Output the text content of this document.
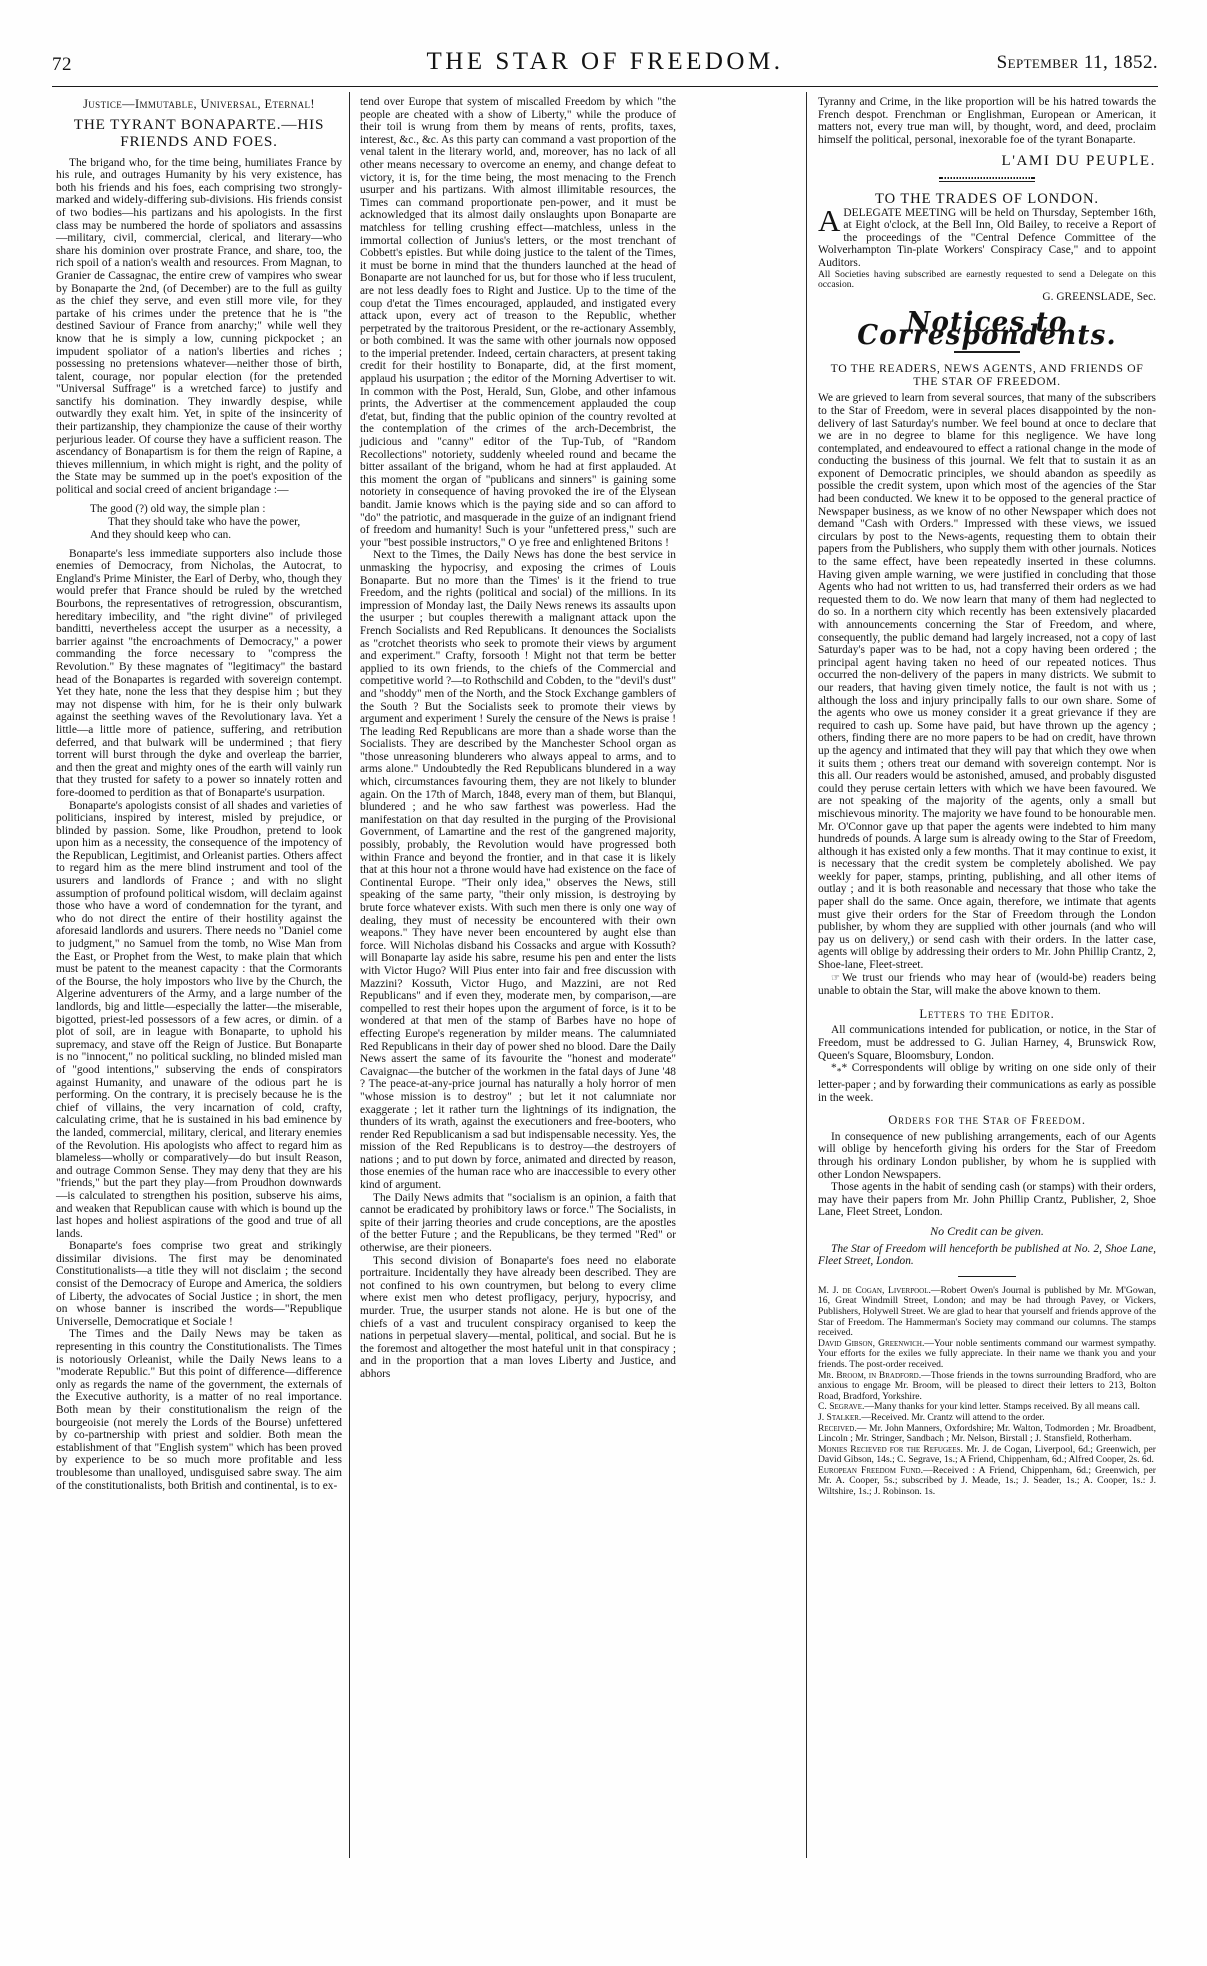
72	THE STAR OF FREEDOM.	September 11, 1852.
Justice—Immutable, Universal, Eternal!
THE TYRANT BONAPARTE.—HIS FRIENDS AND FOES.

The brigand who, for the time being, humiliates France by his rule, and outrages Humanity by his very existence, has both his friends and his foes, each comprising two strongly-marked and widely-differing sub-divisions. His friends consist of two bodies—his partizans and his apologists. In the first class may be numbered the horde of spoliators and assassins—military, civil, commercial, clerical, and literary—who share his dominion over prostrate France, and share, too, the rich spoil of a nation's wealth and resources. From Magnan, to Granier de Cassagnac, the entire crew of vampires who swear by Bonaparte the 2nd, (of December) are to the full as guilty as the chief they serve, and even still more vile, for they partake of his crimes under the pretence that he is "the destined Saviour of France from anarchy;" while well they know that he is simply a low, cunning pickpocket ; an impudent spoliator of a nation's liberties and riches ; possessing no pretensions whatever—neither those of birth, talent, courage, nor popular election (for the pretended "Universal Suffrage" is a wretched farce) to justify and sanctify his domination. They inwardly despise, while outwardly they exalt him. Yet, in spite of the insincerity of their partizanship, they championize the cause of their worthy perjurious leader. Of course they have a sufficient reason. The ascendancy of Bonapartism is for them the reign of Rapine, a thieves millennium, in which might is right, and the polity of the State may be summed up in the poet's exposition of the political and social creed of ancient brigandage :—

The good (?) old way, the simple plan :
That they should take who have the power,
And they should keep who can.

Bonaparte's less immediate supporters also include those enemies of Democracy, from Nicholas, the Autocrat, to England's Prime Minister, the Earl of Derby, who, though they would prefer that France should be ruled by the wretched Bourbons, the representatives of retrogression, obscurantism, hereditary imbecility, and "the right divine" of privileged banditti, nevertheless accept the usurper as a necessity, a barrier against "the encroachments of Democracy," a power commanding the force necessary to "compress the Revolution." By these magnates of "legitimacy" the bastard head of the Bonapartes is regarded with sovereign contempt. Yet they hate, none the less that they despise him ; but they may not dispense with him, for he is their only bulwark against the seething waves of the Revolutionary lava. Yet a little—a little more of patience, suffering, and retribution deferred, and that bulwark will be undermined ; that fiery torrent will burst through the dyke and overleap the barrier, and then the great and mighty ones of the earth will vainly run that they trusted for safety to a power so innately rotten and fore-doomed to perdition as that of Bonaparte's usurpation.

Bonaparte's apologists consist of all shades and varieties of politicians, inspired by interest, misled by prejudice, or blinded by passion. Some, like Proudhon, pretend to look upon him as a necessity, the consequence of the impotency of the Republican, Legitimist, and Orleanist parties. Others affect to regard him as the mere blind instrument and tool of the usurers and landlords of France ; and with no slight assumption of profound political wisdom, will declaim against those who have a word of condemnation for the tyrant, and who do not direct the entire of their hostility against the aforesaid landlords and usurers. There needs no "Daniel come to judgment," no Samuel from the tomb, no Wise Man from the East, or Prophet from the West, to make plain that which must be patent to the meanest capacity : that the Cormorants of the Bourse, the holy impostors who live by the Church, the Algerine adventurers of the Army, and a large number of the landlords, big and little—especially the latter—the miserable, bigotted, priest-led possessors of a few acres, or dimin. of a plot of soil, are in league with Bonaparte, to uphold his supremacy, and stave off the Reign of Justice. But Bonaparte is no "innocent," no political suckling, no blinded misled man of "good intentions," subserving the ends of conspirators against Humanity, and unaware of the odious part he is performing. On the contrary, it is precisely because he is the chief of villains, the very incarnation of cold, crafty, calculating crime, that he is sustained in his bad eminence by the landed, commercial, military, clerical, and literary enemies of the Revolution. His apologists who affect to regard him as blameless—wholly or comparatively—do but insult Reason, and outrage Common Sense. They may deny that they are his "friends," but the part they play—from Proudhon downwards—is calculated to strengthen his position, subserve his aims, and weaken that Republican cause with which is bound up the last hopes and holiest aspirations of the good and true of all lands.

Bonaparte's foes comprise two great and strikingly dissimilar divisions. The first may be denominated Constitutionalists—a title they will not disclaim ; the second consist of the Democracy of Europe and America, the soldiers of Liberty, the advocates of Social Justice ; in short, the men on whose banner is inscribed the words—"Republique Universelle, Democratique et Sociale !

The Times and the Daily News may be taken as representing in this country the Constitutionalists. The Times is notoriously Orleanist, while the Daily News leans to a "moderate Republic." But this point of difference—difference only as regards the name of the government, the externals of the Executive authority, is a matter of no real importance. Both mean by their constitutionalism the reign of the bourgeoisie (not merely the Lords of the Bourse) unfettered by co-partnership with priest and soldier. Both mean the establishment of that "English system" which has been proved by experience to be so much more profitable and less troublesome than unalloyed, undisguised sabre sway. The aim of the constitutionalists, both British and continental, is to ex-

tend over Europe that system of miscalled Freedom by which "the people are cheated with a show of Liberty," while the produce of their toil is wrung from them by means of rents, profits, taxes, interest, &c., &c. As this party can command a vast proportion of the venal talent in the literary world, and, moreover, has no lack of all other means necessary to overcome an enemy, and change defeat to victory, it is, for the time being, the most menacing to the French usurper and his partizans. With almost illimitable resources, the Times can command proportionate pen-power, and it must be acknowledged that its almost daily onslaughts upon Bonaparte are matchless for telling crushing effect—matchless, unless in the immortal collection of Junius's letters, or the most trenchant of Cobbett's epistles. But while doing justice to the talent of the Times, it must be borne in mind that the thunders launched at the head of Bonaparte are not launched for us, but for those who if less truculent, are not less deadly foes to Right and Justice. Up to the time of the coup d'etat the Times encouraged, applauded, and instigated every attack upon, every act of treason to the Republic, whether perpetrated by the traitorous President, or the re-actionary Assembly, or both combined. It was the same with other journals now opposed to the imperial pretender. Indeed, certain characters, at present taking credit for their hostility to Bonaparte, did, at the first moment, applaud his usurpation ; the editor of the Morning Advertiser to wit. In common with the Post, Herald, Sun, Globe, and other infamous prints, the Advertiser at the commencement applauded the coup d'etat, but, finding that the public opinion of the country revolted at the contemplation of the crimes of the arch-Decembrist, the judicious and "canny" editor of the Tup-Tub, of "Random Recollections" notoriety, suddenly wheeled round and became the bitter assailant of the brigand, whom he had at first applauded. At this moment the organ of "publicans and sinners" is gaining some notoriety in consequence of having provoked the ire of the Elysean bandit. Jamie knows which is the paying side and so can afford to "do" the patriotic, and masquerade in the guize of an indignant friend of freedom and humanity! Such is your "unfettered press," such are your "best possible instructors," O ye free and enlightened Britons !

Next to the Times, the Daily News has done the best service in unmasking the hypocrisy, and exposing the crimes of Louis Bonaparte. But no more than the Times' is it the friend to true Freedom, and the rights (political and social) of the millions. In its impression of Monday last, the Daily News renews its assaults upon the usurper ; but couples therewith a malignant attack upon the French Socialists and Red Republicans. It denounces the Socialists as "crotchet theorists who seek to promote their views by argument and experiment." Crafty, forsooth ! Might not that term be better applied to its own friends, to the chiefs of the Commercial and competitive world ?—to Rothschild and Cobden, to the "devil's dust" and "shoddy" men of the North, and the Stock Exchange gamblers of the South ? But the Socialists seek to promote their views by argument and experiment ! Surely the censure of the News is praise ! The leading Red Republicans are more than a shade worse than the Socialists. They are described by the Manchester School organ as "those unreasoning blunderers who always appeal to arms, and to arms alone." Undoubtedly the Red Republicans blundered in a way which, circumstances favouring them, they are not likely to blunder again. On the 17th of March, 1848, every man of them, but Blanqui, blundered ; and he who saw farthest was powerless. Had the manifestation on that day resulted in the purging of the Provisional Government, of Lamartine and the rest of the gangrened majority, possibly, probably, the Revolution would have progressed both within France and beyond the frontier, and in that case it is likely that at this hour not a throne would have had existence on the face of Continental Europe. "Their only idea," observes the News, still speaking of the same party, "their only mission, is destroying by brute force whatever exists. With such men there is only one way of dealing, they must of necessity be encountered with their own weapons." They have never been encountered by aught else than force. Will Nicholas disband his Cossacks and argue with Kossuth? will Bonaparte lay aside his sabre, resume his pen and enter the lists with Victor Hugo? Will Pius enter into fair and free discussion with Mazzini? Kossuth, Victor Hugo, and Mazzini, are not Red Republicans" and if even they, moderate men, by comparison,—are compelled to rest their hopes upon the argument of force, is it to be wondered at that men of the stamp of Barbes have no hope of effecting Europe's regeneration by milder means. The calumniated Red Republicans in their day of power shed no blood. Dare the Daily News assert the same of its favourite the "honest and moderate" Cavaignac—the butcher of the workmen in the fatal days of June '48 ? The peace-at-any-price journal has naturally a holy horror of men "whose mission is to destroy" ; but let it not calumniate nor exaggerate ; let it rather turn the lightnings of its indignation, the thunders of its wrath, against the executioners and free-booters, who render Red Republicanism a sad but indispensable necessity. Yes, the mission of the Red Republicans is to destroy—the destroyers of nations ; and to put down by force, animated and directed by reason, those enemies of the human race who are inaccessible to every other kind of argument.

The Daily News admits that "socialism is an opinion, a faith that cannot be eradicated by prohibitory laws or force." The Socialists, in spite of their jarring theories and crude conceptions, are the apostles of the better Future ; and the Republicans, be they termed "Red" or otherwise, are their pioneers.

This second division of Bonaparte's foes need no elaborate portraiture. Incidentally they have already been described. They are not confined to his own countrymen, but belong to every clime where exist men who detest profligacy, perjury, hypocrisy, and murder. True, the usurper stands not alone. He is but one of the chiefs of a vast and truculent conspiracy organised to keep the nations in perpetual slavery—mental, political, and social. But he is the foremost and altogether the most hateful unit in that conspiracy ; and in the proportion that a man loves Liberty and Justice, and abhors

Tyranny and Crime, in the like proportion will be his hatred towards the French despot. Frenchman or Englishman, European or American, it matters not, every true man will, by thought, word, and deed, proclaim himself the political, personal, inexorable foe of the tyrant Bonaparte.

L'AMI DU PEUPLE.
TO THE TRADES OF LONDON.

ADELEGATE MEETING will be held on Thursday, September 16th, at Eight o'clock, at the Bell Inn, Old Bailey, to receive a Report of the proceedings of the "Central Defence Committee of the Wolverhampton Tin-plate Workers' Conspiracy Case," and to appoint Auditors.

All Societies having subscribed are earnestly requested to send a Delegate on this occasion.

G. GREENSLADE, Sec.
Notices to Correspondents.
TO THE READERS, NEWS AGENTS, AND FRIENDS OF THE STAR OF FREEDOM.

We are grieved to learn from several sources, that many of the subscribers to the Star of Freedom, were in several places disappointed by the non-delivery of last Saturday's number. We feel bound at once to declare that we are in no degree to blame for this negligence. We have long contemplated, and endeavoured to effect a rational change in the mode of conducting the business of this journal. We felt that to sustain it as an exponent of Democratic principles, we should abandon as speedily as possible the credit system, upon which most of the agencies of the Star had been conducted. We knew it to be opposed to the general practice of Newspaper business, as we know of no other Newspaper which does not demand "Cash with Orders." Impressed with these views, we issued circulars by post to the News-agents, requesting them to obtain their papers from the Publishers, who supply them with other journals. Notices to the same effect, have been repeatedly inserted in these columns. Having given ample warning, we were justified in concluding that those Agents who had not written to us, had transferred their orders as we had requested them to do. We now learn that many of them had neglected to do so. In a northern city which recently has been extensively placarded with announcements concerning the Star of Freedom, and where, consequently, the public demand had largely increased, not a copy of last Saturday's paper was to be had, not a copy having been ordered ; the principal agent having taken no heed of our repeated notices. Thus occurred the non-delivery of the papers in many districts. We submit to our readers, that having given timely notice, the fault is not with us ; although the loss and injury principally falls to our own share. Some of the agents who owe us money consider it a great grievance if they are required to cash up. Some have paid, but have thrown up the agency ; others, finding there are no more papers to be had on credit, have thrown up the agency and intimated that they will pay that which they owe when it suits them ; others treat our demand with sovereign contempt. Nor is this all. Our readers would be astonished, amused, and probably disgusted could they peruse certain letters with which we have been favoured. We are not speaking of the majority of the agents, only a small but mischievous minority. The majority we have found to be honourable men. Mr. O'Connor gave up that paper the agents were indebted to him many hundreds of pounds. A large sum is already owing to the Star of Freedom, although it has existed only a few months. That it may continue to exist, it is necessary that the credit system be completely abolished. We pay weekly for paper, stamps, printing, publishing, and all other items of outlay ; and it is both reasonable and necessary that those who take the paper shall do the same. Once again, therefore, we intimate that agents must give their orders for the Star of Freedom through the London publisher, by whom they are supplied with other journals (and who will pay us on delivery,) or send cash with their orders. In the latter case, agents will oblige by addressing their orders to Mr. John Phillip Crantz, 2, Shoe-lane, Fleet-street.

☞ We trust our friends who may hear of (would-be) readers being unable to obtain the Star, will make the above known to them.

Letters to the Editor.

All communications intended for publication, or notice, in the Star of Freedom, must be addressed to G. Julian Harney, 4, Brunswick Row, Queen's Square, Bloomsbury, London.

$*_**$ Correspondents will oblige by writing on one side only of their letter-paper ; and by forwarding their communications as early as possible in the week.

Orders for the Star of Freedom.

In consequence of new publishing arrangements, each of our Agents will oblige by henceforth giving his orders for the Star of Freedom through his ordinary London publisher, by whom he is supplied with other London Newspapers.

Those agents in the habit of sending cash (or stamps) with their orders, may have their papers from Mr. John Phillip Crantz, Publisher, 2, Shoe Lane, Fleet Street, London.

No Credit can be given.

The Star of Freedom will henceforth be published at No. 2, Shoe Lane, Fleet Street, London.

M. J. de Cogan, Liverpool.—Robert Owen's Journal is published by Mr. M'Gowan, 16, Great Windmill Street, London; and may be had through Pavey, or Vickers, Publishers, Holywell Street. We are glad to hear that yourself and friends approve of the Star of Freedom. The Hammerman's Society may command our columns. The stamps received.

David Gibson, Greenwich.—Your noble sentiments command our warmest sympathy. Your efforts for the exiles we fully appreciate. In their name we thank you and your friends. The post-order received.

Mr. Broom, in Bradford.—Those friends in the towns surrounding Bradford, who are anxious to engage Mr. Broom, will be pleased to direct their letters to 213, Bolton Road, Bradford, Yorkshire.

C. Segrave.—Many thanks for your kind letter. Stamps received. By all means call.

J. Stalker.—Received. Mr. Crantz will attend to the order.

Received.— Mr. John Manners, Oxfordshire; Mr. Walton, Todmorden ; Mr. Broadbent, Lincoln ; Mr. Stringer, Sandbach ; Mr. Nelson, Birstall ; J. Stansfield, Rotherham.

Monies Recieved for the Refugees. Mr. J. de Cogan, Liverpool, 6d.; Greenwich, per David Gibson, 14s.; C. Segrave, 1s.; A Friend, Chippenham, 6d.; Alfred Cooper, 2s. 6d.

European Freedom Fund.—Received : A Friend, Chippenham, 6d.; Greenwich, per Mr. A. Cooper, 5s.; subscribed by J. Meade, 1s.; J. Seader, 1s.; A. Cooper, 1s.: J. Wiltshire, 1s.; J. Robinson. 1s.
